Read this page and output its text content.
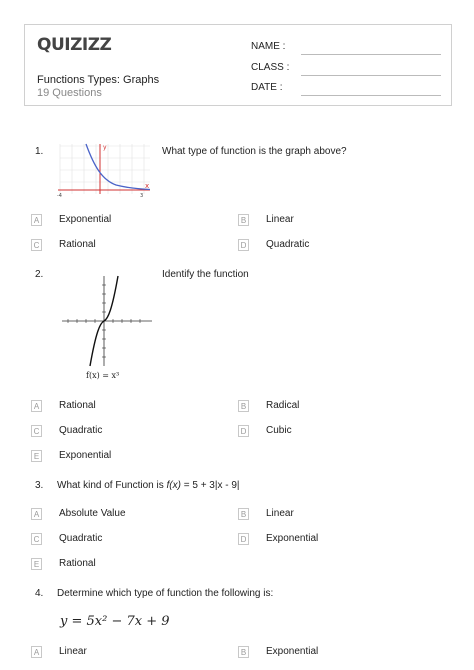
QUIZIZZ
Functions Types: Graphs
19 Questions
NAME :
CLASS :
DATE :
1.	y
x
-4	3
What type of function is the graph above?
A Exponential	B Linear
C Rational	D Quadratic
2.
f(x) = x³
Identify the function
A Rational	B Radical
C Quadratic	D Cubic
E Exponential
3. What kind of Function is f(x) = 5 + 3|x - 9|
A Absolute Value	B Linear
C Quadratic	D Exponential
E Rational
4. Determine which type of function the following is:
y = 5x² − 7x + 9
A Linear	B Exponential
